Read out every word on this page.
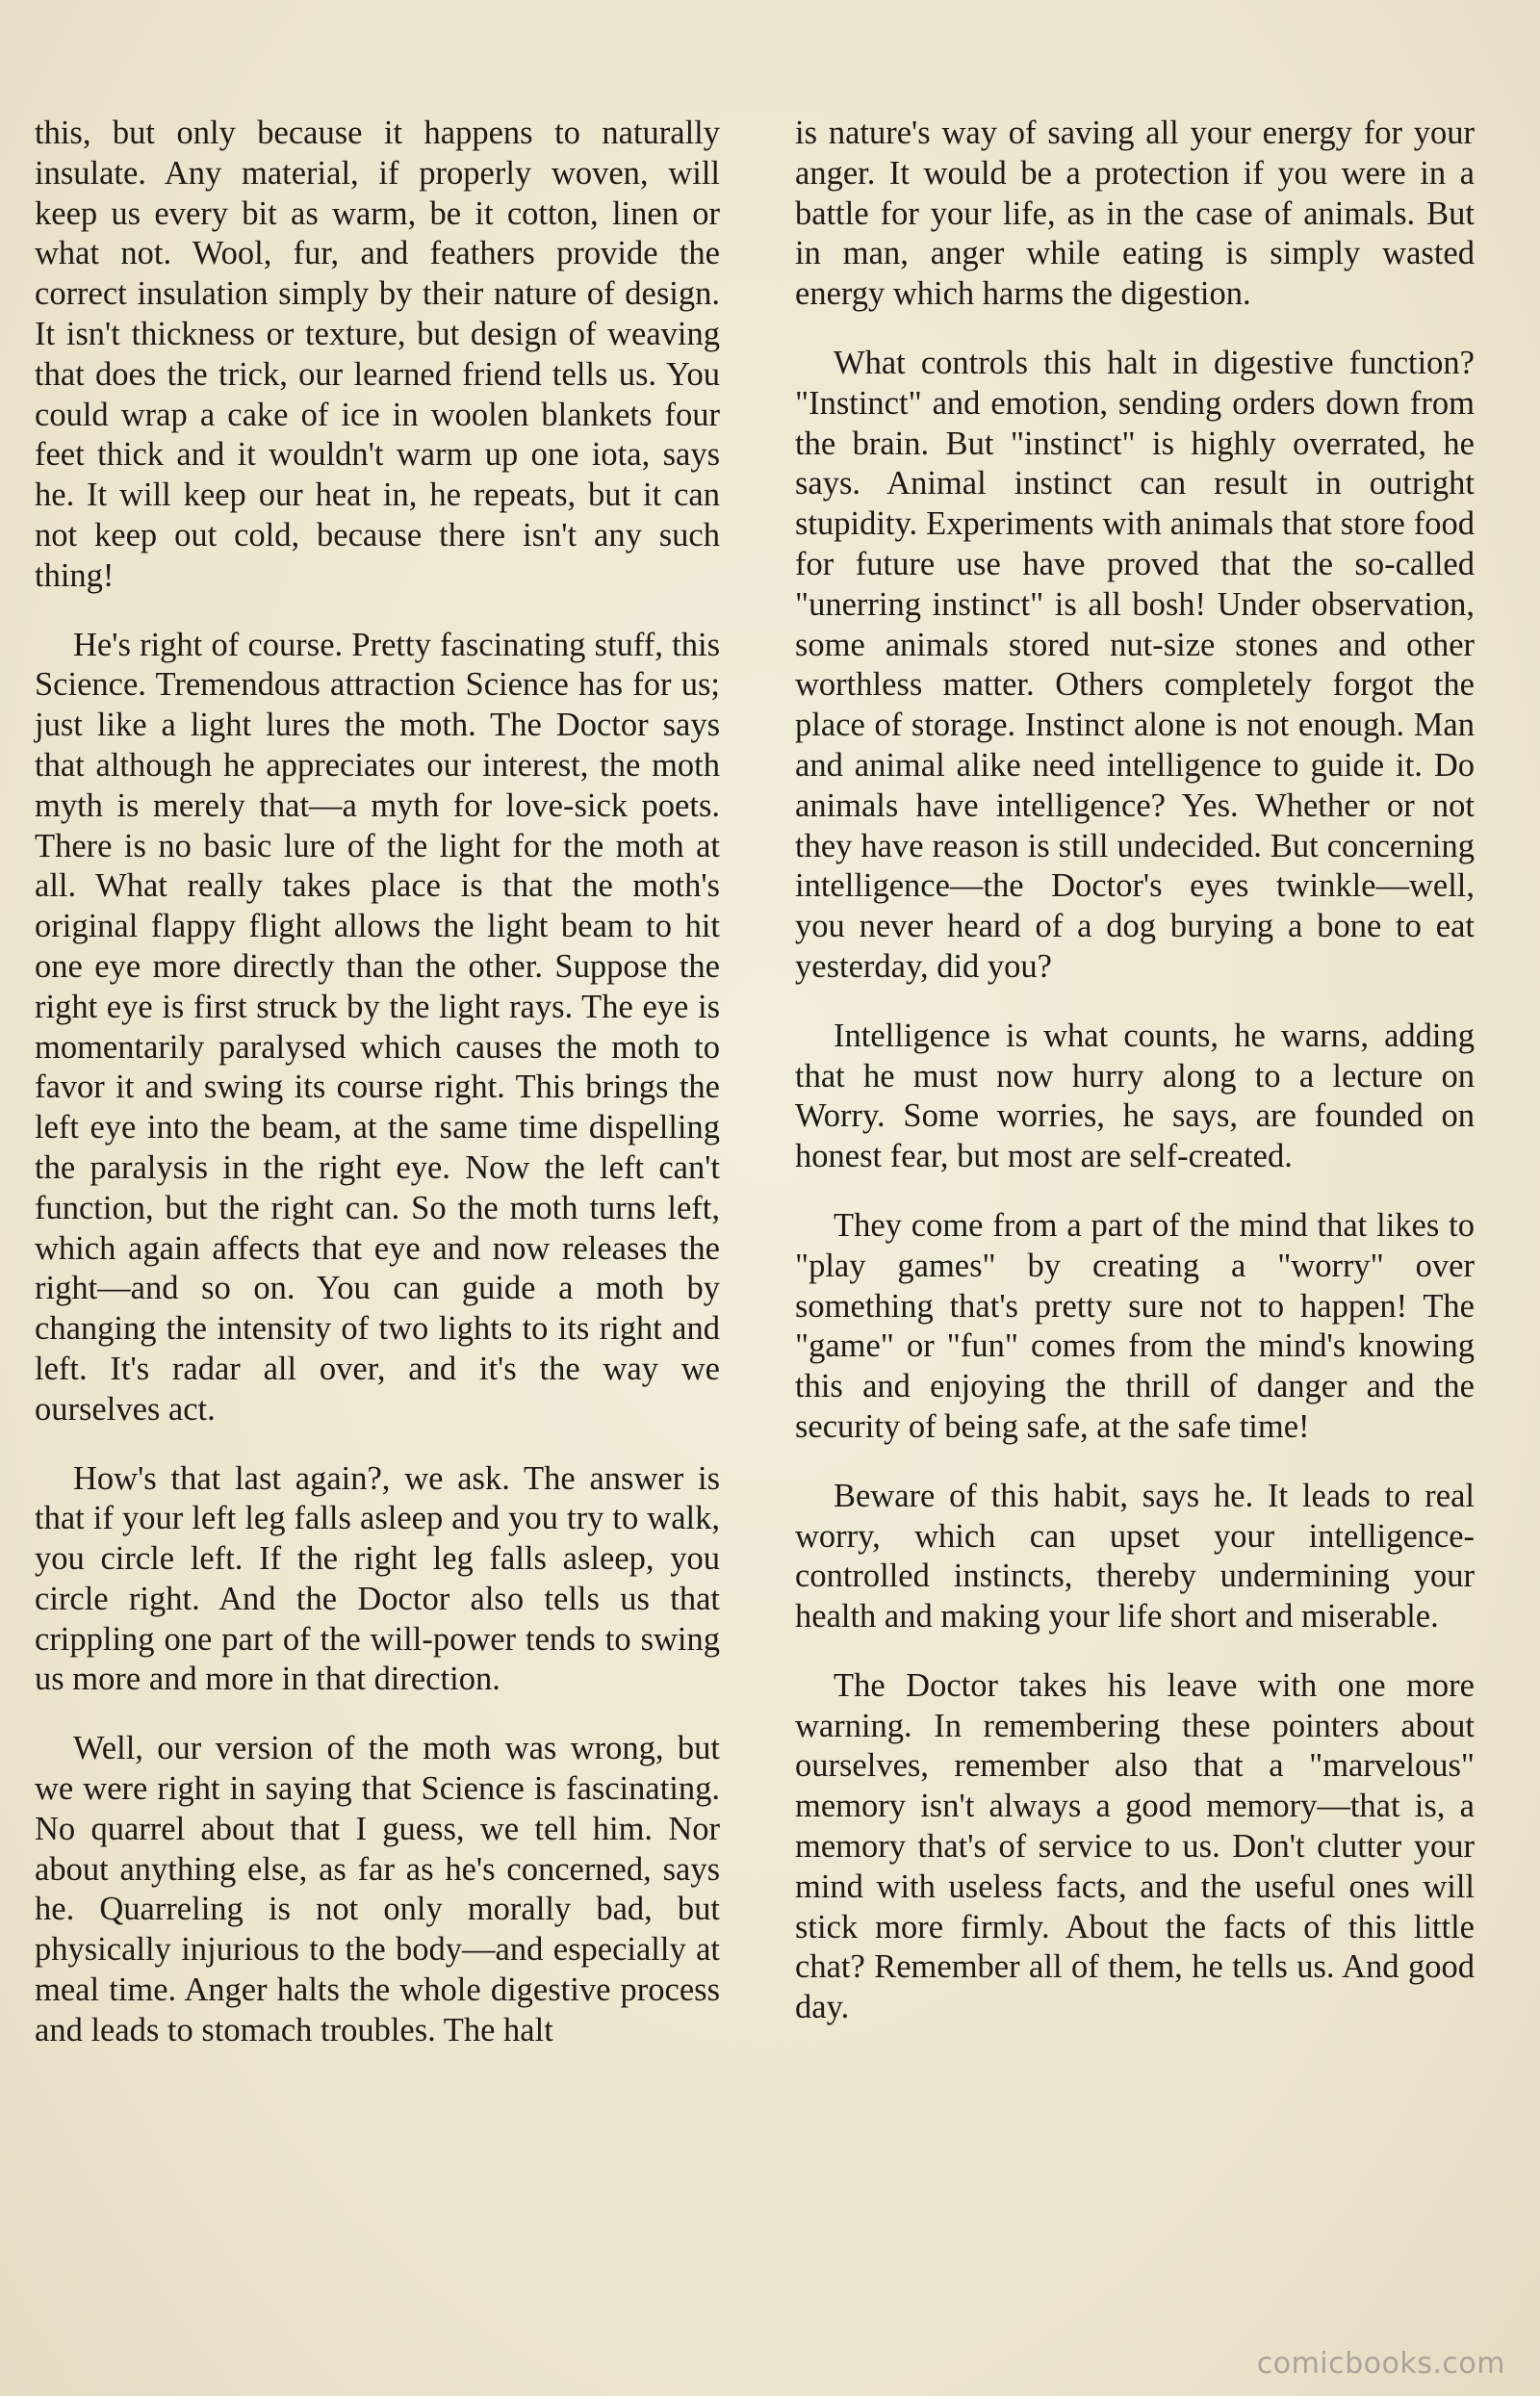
this, but only because it happens to naturally insulate. Any material, if properly woven, will keep us every bit as warm, be it cotton, linen or what not. Wool, fur, and feathers provide the correct insulation simply by their nature of design. It isn't thickness or texture, but design of weaving that does the trick, our learned friend tells us. You could wrap a cake of ice in woolen blankets four feet thick and it wouldn't warm up one iota, says he. It will keep our heat in, he repeats, but it can not keep out cold, because there isn't any such thing!

He's right of course. Pretty fascinating stuff, this Science. Tremendous attraction Science has for us; just like a light lures the moth. The Doctor says that although he appreciates our interest, the moth myth is merely that—a myth for love-sick poets. There is no basic lure of the light for the moth at all. What really takes place is that the moth's original flappy flight allows the light beam to hit one eye more directly than the other. Suppose the right eye is first struck by the light rays. The eye is momentarily paralysed which causes the moth to favor it and swing its course right. This brings the left eye into the beam, at the same time dispelling the paralysis in the right eye. Now the left can't function, but the right can. So the moth turns left, which again affects that eye and now releases the right—and so on. You can guide a moth by changing the intensity of two lights to its right and left. It's radar all over, and it's the way we ourselves act.

How's that last again?, we ask. The answer is that if your left leg falls asleep and you try to walk, you circle left. If the right leg falls asleep, you circle right. And the Doctor also tells us that crippling one part of the will-power tends to swing us more and more in that direction.

Well, our version of the moth was wrong, but we were right in saying that Science is fascinating. No quarrel about that I guess, we tell him. Nor about anything else, as far as he's concerned, says he. Quarreling is not only morally bad, but physically injurious to the body—and especially at meal time. Anger halts the whole digestive process and leads to stomach troubles. The halt

is nature's way of saving all your energy for your anger. It would be a protection if you were in a battle for your life, as in the case of animals. But in man, anger while eating is simply wasted energy which harms the digestion.

What controls this halt in digestive function? "Instinct" and emotion, sending orders down from the brain. But "instinct" is highly overrated, he says. Animal instinct can result in outright stupidity. Experiments with animals that store food for future use have proved that the so-called "unerring instinct" is all bosh! Under observation, some animals stored nut-size stones and other worthless matter. Others completely forgot the place of storage. Instinct alone is not enough. Man and animal alike need intelligence to guide it. Do animals have intelligence? Yes. Whether or not they have reason is still undecided. But concerning intelligence—the Doctor's eyes twinkle—well, you never heard of a dog burying a bone to eat yesterday, did you?

Intelligence is what counts, he warns, adding that he must now hurry along to a lecture on Worry. Some worries, he says, are founded on honest fear, but most are self-created.

They come from a part of the mind that likes to "play games" by creating a "worry" over something that's pretty sure not to happen! The "game" or "fun" comes from the mind's knowing this and enjoying the thrill of danger and the security of being safe, at the safe time!

Beware of this habit, says he. It leads to real worry, which can upset your intelligence-controlled instincts, thereby undermining your health and making your life short and miserable.

The Doctor takes his leave with one more warning. In remembering these pointers about ourselves, remember also that a "marvelous" memory isn't always a good memory—that is, a memory that's of service to us. Don't clutter your mind with useless facts, and the useful ones will stick more firmly. About the facts of this little chat? Remember all of them, he tells us. And good day.

comicbooks.com
